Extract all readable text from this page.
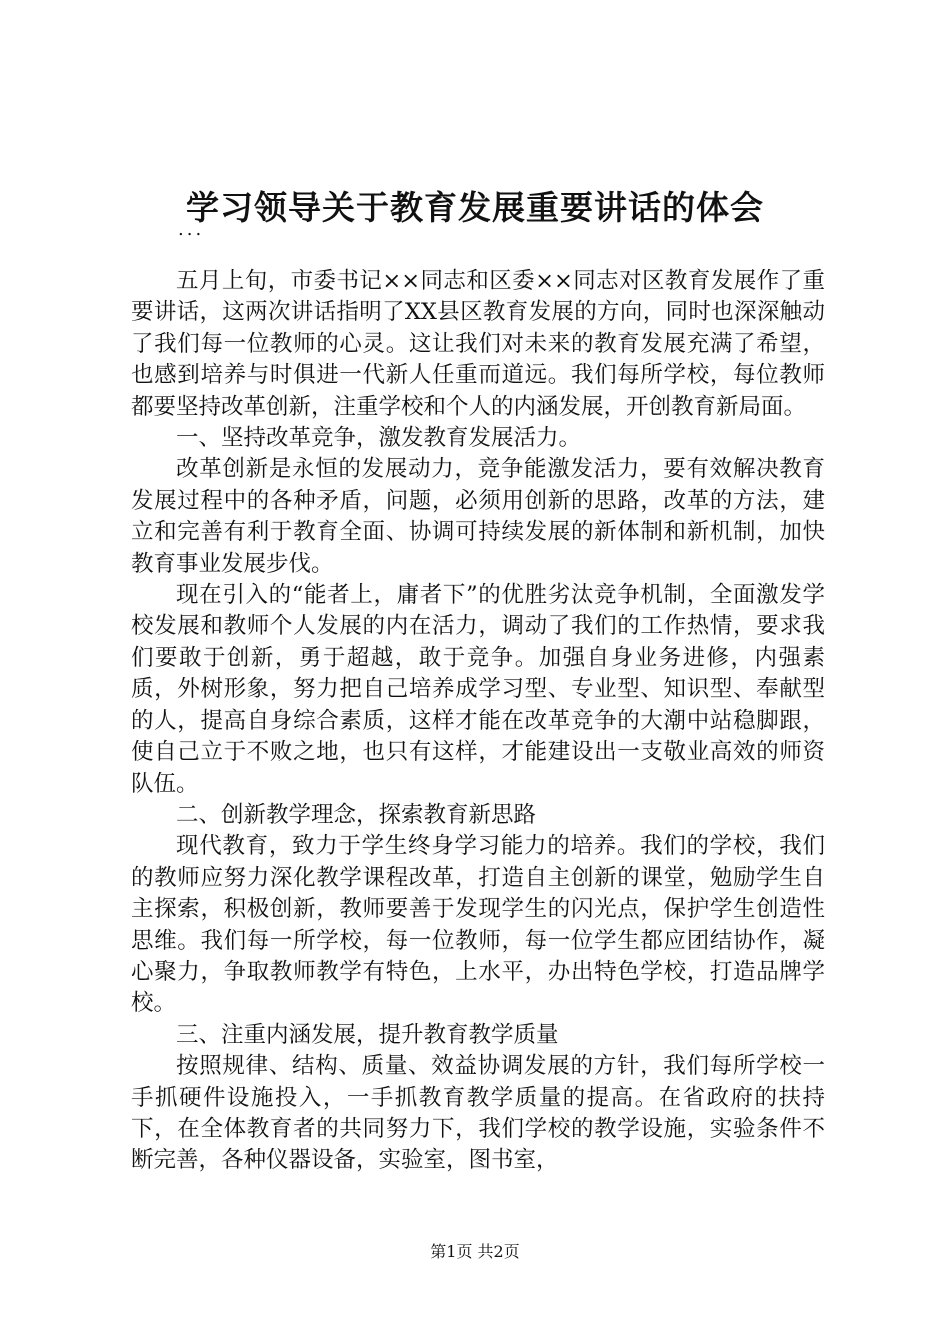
学习领导关于教育发展重要讲话的体会
...

五月上旬，市委书记××同志和区委××同志对区教育发展作了重要讲话，这两次讲话指明了XX县区教育发展的方向，同时也深深触动了我们每一位教师的心灵。这让我们对未来的教育发展充满了希望，也感到培养与时俱进一代新人任重而道远。我们每所学校，每位教师都要坚持改革创新，注重学校和个人的内涵发展，开创教育新局面。

一、坚持改革竞争，激发教育发展活力。

改革创新是永恒的发展动力，竞争能激发活力，要有效解决教育发展过程中的各种矛盾，问题，必须用创新的思路，改革的方法，建立和完善有利于教育全面、协调可持续发展的新体制和新机制，加快教育事业发展步伐。

现在引入的“能者上，庸者下”的优胜劣汰竞争机制，全面激发学校发展和教师个人发展的内在活力，调动了我们的工作热情，要求我们要敢于创新，勇于超越，敢于竞争。加强自身业务进修，内强素质，外树形象，努力把自己培养成学习型、专业型、知识型、奉献型的人，提高自身综合素质，这样才能在改革竞争的大潮中站稳脚跟，使自己立于不败之地，也只有这样，才能建设出一支敬业高效的师资队伍。

二、创新教学理念，探索教育新思路

现代教育，致力于学生终身学习能力的培养。我们的学校，我们的教师应努力深化教学课程改革，打造自主创新的课堂，勉励学生自主探索，积极创新，教师要善于发现学生的闪光点，保护学生创造性思维。我们每一所学校，每一位教师，每一位学生都应团结协作，凝心聚力，争取教师教学有特色，上水平，办出特色学校，打造品牌学校。

三、注重内涵发展，提升教育教学质量

按照规律、结构、质量、效益协调发展的方针，我们每所学校一手抓硬件设施投入，一手抓教育教学质量的提高。在省政府的扶持下，在全体教育者的共同努力下，我们学校的教学设施，实验条件不断完善，各种仪器设备，实验室，图书室，

第1页 共2页
